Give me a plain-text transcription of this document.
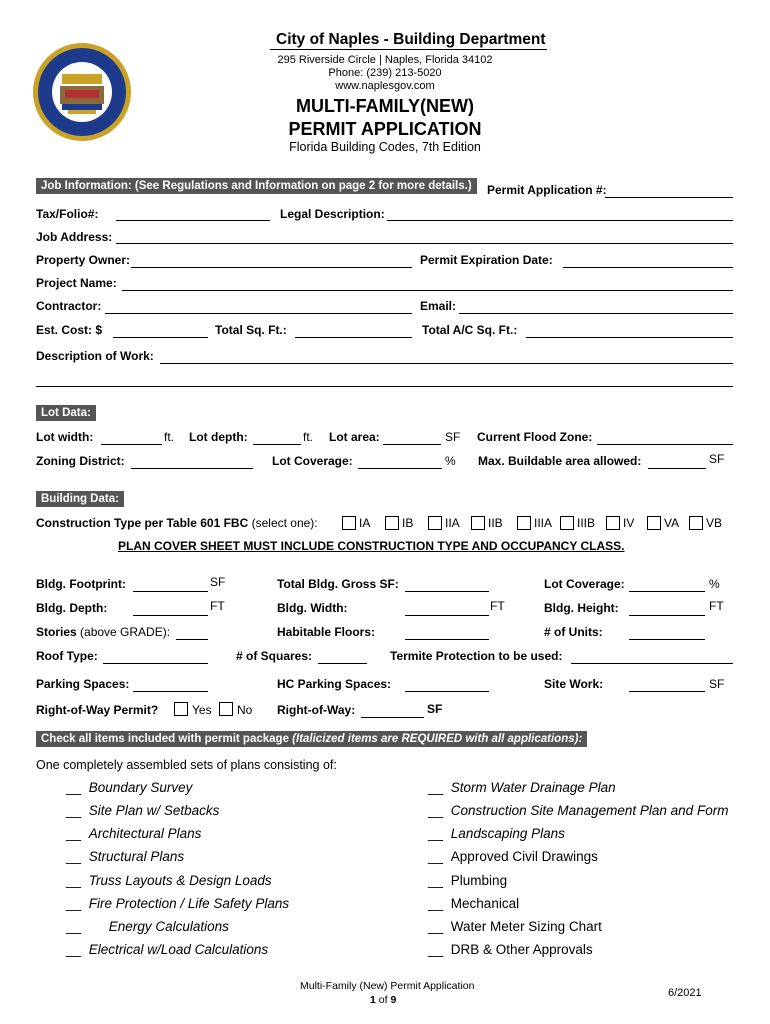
City of Naples - Building Department
295 Riverside Circle | Naples, Florida 34102
Phone: (239) 213-5020
www.naplesgov.com
MULTI-FAMILY(NEW)
PERMIT APPLICATION
Florida Building Codes, 7th Edition
Job Information: (See Regulations and Information on page 2 for more details.)	Permit Application #:
Tax/Folio#:	Legal Description:
Job Address:
Property Owner:	Permit Expiration Date:
Project Name:
Contractor:	Email:
Est. Cost: $	Total Sq. Ft.:	Total A/C Sq. Ft.:
Description of Work:
Lot Data:
Lot width:	ft. Lot depth:	ft. Lot area:	SF Current Flood Zone:
Zoning District:	Lot Coverage:	% Max. Buildable area allowed:	SF
Building Data:
Construction Type per Table 601 FBC (select one):	IA	IB	IIA IIB	IIIA IIIB IV VA VB
PLAN COVER SHEET MUST INCLUDE CONSTRUCTION TYPE AND OCCUPANCY CLASS.
Bldg. Footprint:	SF	Total Bldg. Gross SF:	Lot Coverage:	%
Bldg. Depth:	FT	Bldg. Width:	FT	Bldg. Height:	FT
Stories (above GRADE):	Habitable Floors:	# of Units:
Roof Type:	# of Squares:	Termite Protection to be used:
Parking Spaces:	HC Parking Spaces:	Site Work:	SF
Right-of-Way Permit?	Yes No Right-of-Way:	SF
Check all items included with permit package (Italicized items are REQUIRED with all applications):
One completely assembled sets of plans consisting of:
__ Boundary Survey
__ Site Plan w/ Setbacks
__ Architectural Plans
__ Structural Plans
__ Truss Layouts & Design Loads
__ Fire Protection / Life Safety Plans
__ Energy Calculations
__ Electrical w/Load Calculations
__ Storm Water Drainage Plan
__ Construction Site Management Plan and Form
__ Landscaping Plans
__ Approved Civil Drawings
__ Plumbing
__ Mechanical
__ Water Meter Sizing Chart
__ DRB & Other Approvals
Multi-Family (New) Permit Application
1 of 9
6/2021
